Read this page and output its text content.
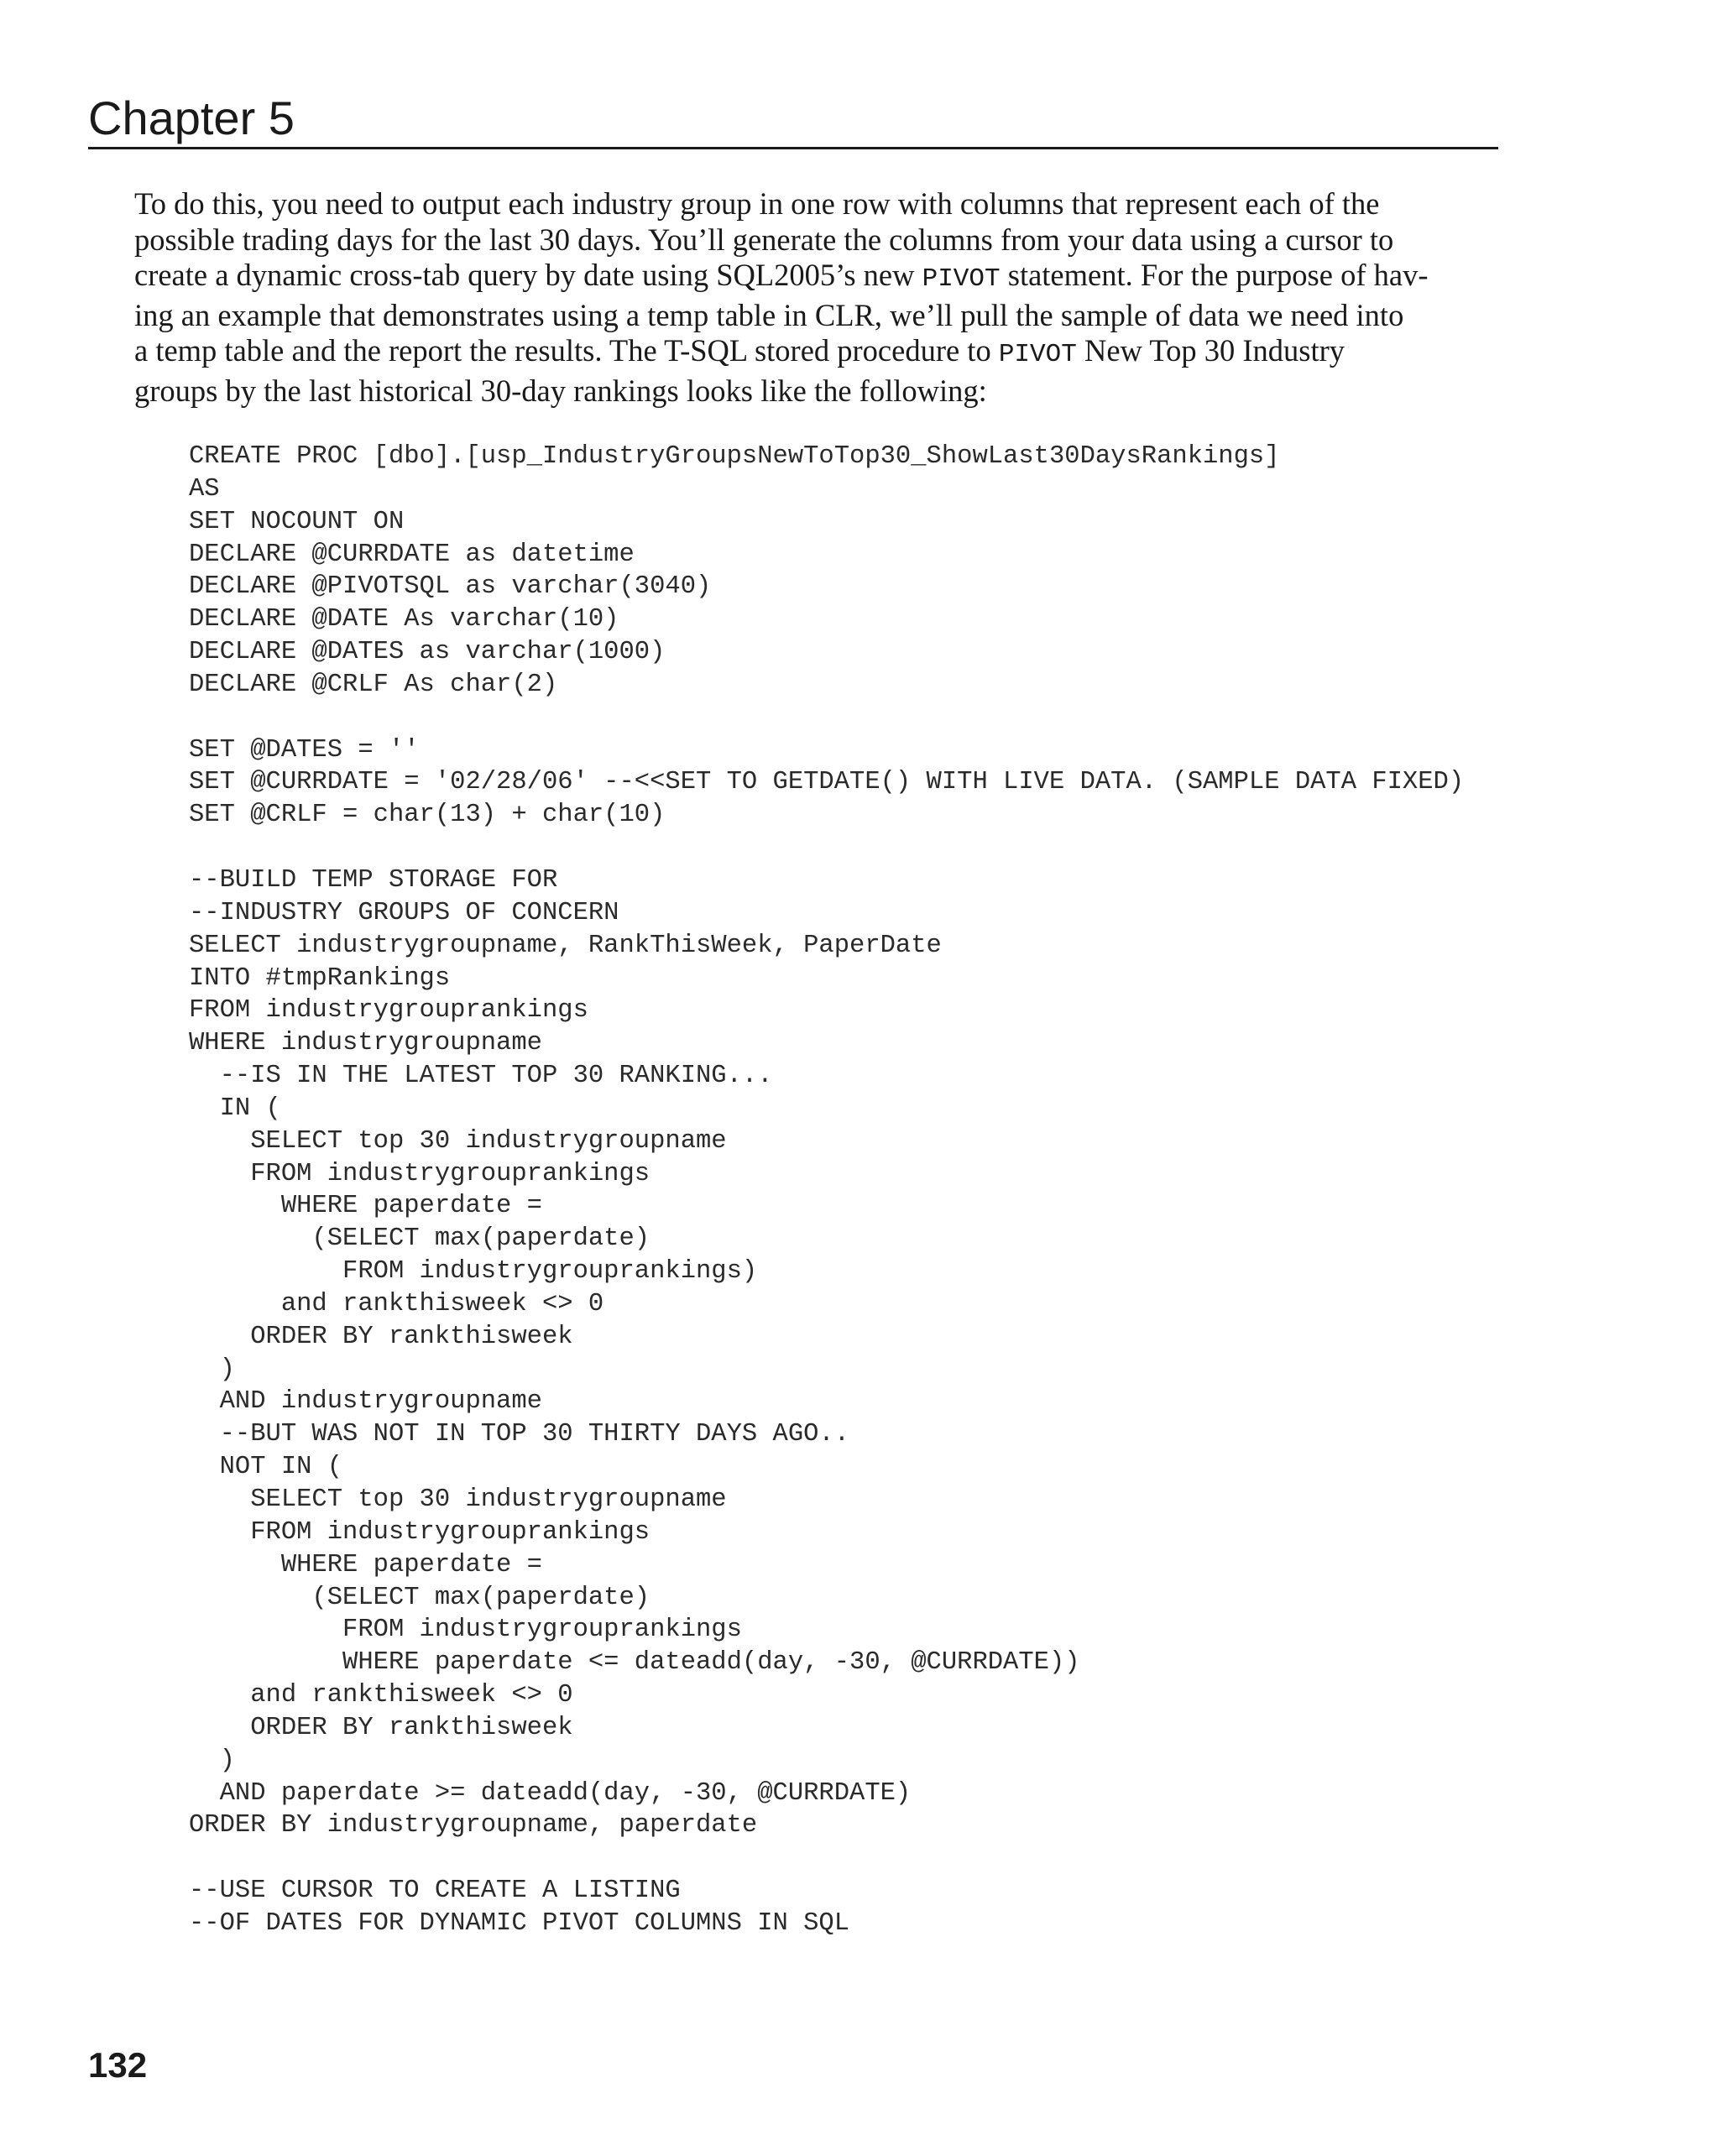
Chapter 5
To do this, you need to output each industry group in one row with columns that represent each of the
possible trading days for the last 30 days. You’ll generate the columns from your data using a cursor to
create a dynamic cross-tab query by date using SQL2005’s new PIVOT statement. For the purpose of hav-
ing an example that demonstrates using a temp table in CLR, we’ll pull the sample of data we need into
a temp table and the report the results. The T-SQL stored procedure to PIVOT New Top 30 Industry
groups by the last historical 30-day rankings looks like the following:
CREATE PROC [dbo].[usp_IndustryGroupsNewToTop30_ShowLast30DaysRankings]
AS
SET NOCOUNT ON
DECLARE @CURRDATE as datetime
DECLARE @PIVOTSQL as varchar(3040)
DECLARE @DATE As varchar(10)
DECLARE @DATES as varchar(1000)
DECLARE @CRLF As char(2)
SET @DATES = ''
SET @CURRDATE = '02/28/06' --<<SET TO GETDATE() WITH LIVE DATA. (SAMPLE DATA FIXED)
SET @CRLF = char(13) + char(10)
--BUILD TEMP STORAGE FOR
--INDUSTRY GROUPS OF CONCERN
SELECT industrygroupname, RankThisWeek, PaperDate
INTO #tmpRankings
FROM industrygrouprankings
WHERE industrygroupname
--IS IN THE LATEST TOP 30 RANKING...
IN (
SELECT top 30 industrygroupname
FROM industrygrouprankings
WHERE paperdate =
(SELECT max(paperdate)
FROM industrygrouprankings)
and rankthisweek <> 0
ORDER BY rankthisweek
)
AND industrygroupname
--BUT WAS NOT IN TOP 30 THIRTY DAYS AGO..
NOT IN (
SELECT top 30 industrygroupname
FROM industrygrouprankings
WHERE paperdate =
(SELECT max(paperdate)
FROM industrygrouprankings
WHERE paperdate <= dateadd(day, -30, @CURRDATE))
and rankthisweek <> 0
ORDER BY rankthisweek
)
AND paperdate >= dateadd(day, -30, @CURRDATE)
ORDER BY industrygroupname, paperdate
--USE CURSOR TO CREATE A LISTING
--OF DATES FOR DYNAMIC PIVOT COLUMNS IN SQL
132
